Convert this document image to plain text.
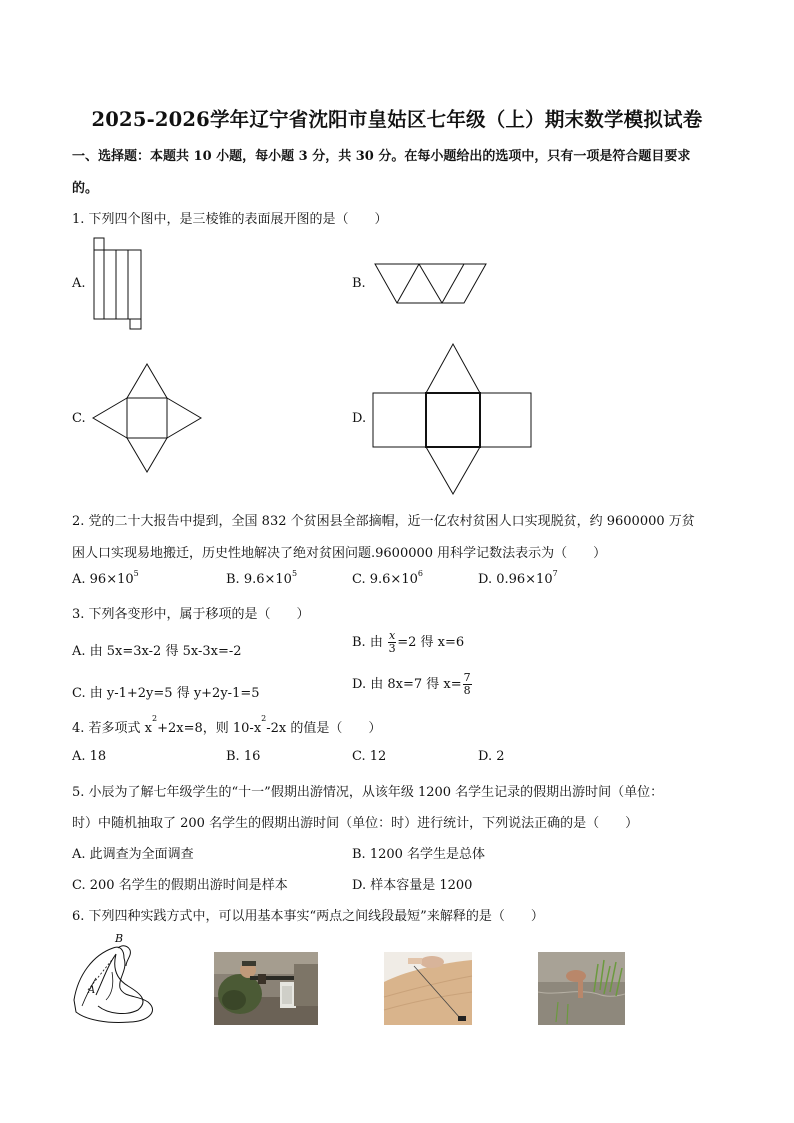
2025-2026学年辽宁省沈阳市皇姑区七年级（上）期末数学模拟试卷
一、选择题：本题共 10 小题，每小题 3 分，共 30 分。在每小题给出的选项中，只有一项是符合题目要求
的。
1. 下列四个图中，是三棱锥的表面展开图的是（　　）
A.	B.
C.	D.
2. 党的二十大报告中提到，全国 832 个贫困县全部摘帽，近一亿农村贫困人口实现脱贫，约 9600000 万贫
困人口实现易地搬迁，历史性地解决了绝对贫困问题.9600000 用科学记数法表示为（　　）
A. $96\times 10^5$	B. $9.6\times 10^5$	C. $9.6\times 10^6$	D. $0.96\times 10^7$
3. 下列各变形中，属于移项的是（　　）
A. 由 5x=3x-2 得 5x-3x=-2
B. 由 $\frac{x}{3} =2$ 得 x=6
C. 由 y-1+2y=5 得 y+2y-1=5
D. 由 8x=7 得 $x= \frac{7}{8}$
4. 若多项式 $x^2+2x=8$，则 $10-x^2-2x$ 的值是（　　）
A. 18	B. 16	C. 12	D. 2
5. 小辰为了解七年级学生的“十一”假期出游情况，从该年级 1200 名学生记录的假期出游时间（单位：
时）中随机抽取了 200 名学生的假期出游时间（单位：时）进行统计，下列说法正确的是（　　）
A. 此调查为全面调查	B. 1200 名学生是总体
C. 200 名学生的假期出游时间是样本	D. 样本容量是 1200
6. 下列四种实践方式中，可以用基本事实“两点之间线段最短”来解释的是（　　）
B
A
